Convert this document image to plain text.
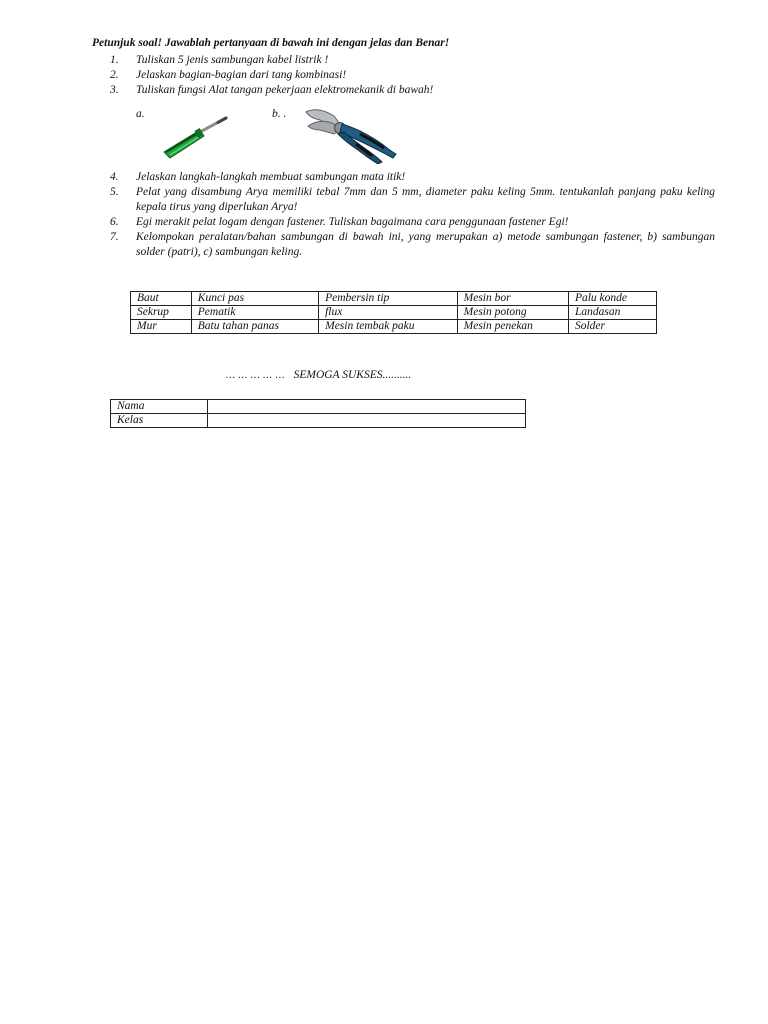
Petunjuk soal! Jawablah pertanyaan di bawah ini dengan jelas dan Benar!
1.	Tuliskan 5 jenis sambungan kabel listrik !
2.	Jelaskan bagian-bagian dari tang kombinasi!
3.	Tuliskan fungsi Alat tangan pekerjaan elektromekanik di bawah!
a.	b. .
4.	Jelaskan langkah-langkah membuat sambungan mata itik!
5.	Pelat yang disambung Arya memiliki tebal 7mm dan 5 mm, diameter paku keling 5mm. tentukanlah panjang paku keling kepala tirus yang diperlukan Arya!
6.	Egi merakit pelat logam dengan fastener. Tuliskan bagaimana cara penggunaan fastener Egi!
7.	Kelompokan peralatan/bahan sambungan di bawah ini, yang merupakan a) metode sambungan fastener, b) sambungan solder (patri), c) sambungan keling.
Baut	Kunci pas	Pembersin tip	Mesin bor	Palu konde
Sekrup	Pematik	flux	Mesin potong	Landasan
Mur	Batu tahan panas	Mesin tembak paku	Mesin penekan	Solder
… … … … … SEMOGA SUKSES..........
Nama	
Kelas	
